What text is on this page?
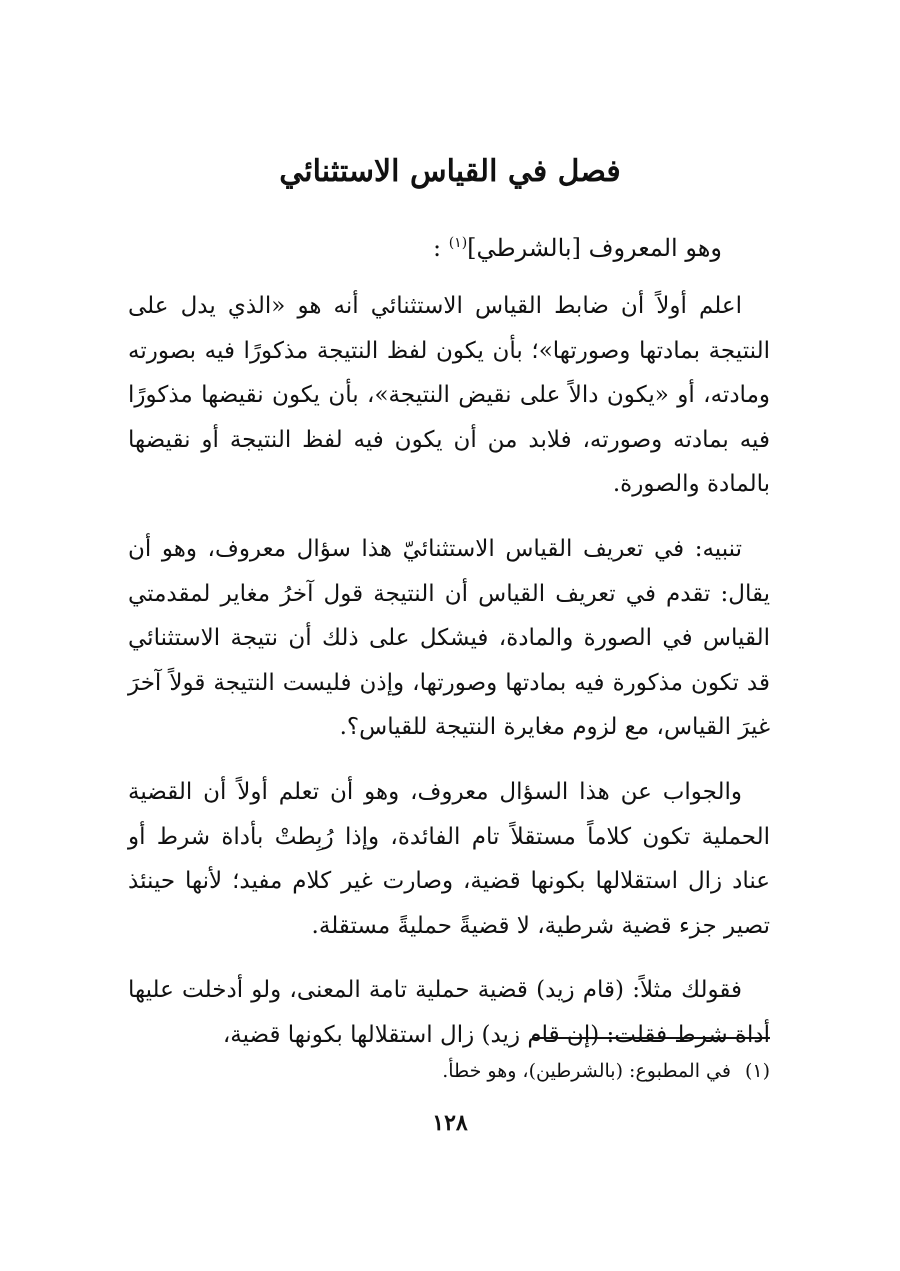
فصل في القياس الاستثنائي

وهو المعروف [بالشرطي]$^{(١)}$ :

اعلم أولاً أن ضابط القياس الاستثنائي أنه هو «الذي يدل على النتيجة بمادتها وصورتها»؛ بأن يكون لفظ النتيجة مذكورًا فيه بصورته ومادته، أو «يكون دالاً على نقيض النتيجة»، بأن يكون نقيضها مذكورًا فيه بمادته وصورته، فلابد من أن يكون فيه لفظ النتيجة أو نقيضها بالمادة والصورة.

تنبيه: في تعريف القياس الاستثنائيّ هذا سؤال معروف، وهو أن يقال: تقدم في تعريف القياس أن النتيجة قول آخرُ مغاير لمقدمتي القياس في الصورة والمادة، فيشكل على ذلك أن نتيجة الاستثنائي قد تكون مذكورة فيه بمادتها وصورتها، وإذن فليست النتيجة قولاً آخرَ غيرَ القياس، مع لزوم مغايرة النتيجة للقياس؟.

والجواب عن هذا السؤال معروف، وهو أن تعلم أولاً أن القضية الحملية تكون كلاماً مستقلاً تام الفائدة، وإذا رُبِطتْ بأداة شرط أو عناد زال استقلالها بكونها قضية، وصارت غير كلام مفيد؛ لأنها حينئذ تصير جزء قضية شرطية، لا قضيةً حمليةً مستقلة.

فقولك مثلاً: (قام زيد) قضية حملية تامة المعنى، ولو أدخلت عليها أداة شرط فقلت: (إن قام زيد) زال استقلالها بكونها قضية،

(١)في المطبوع: (بالشرطين)، وهو خطأ.

١٢٨
